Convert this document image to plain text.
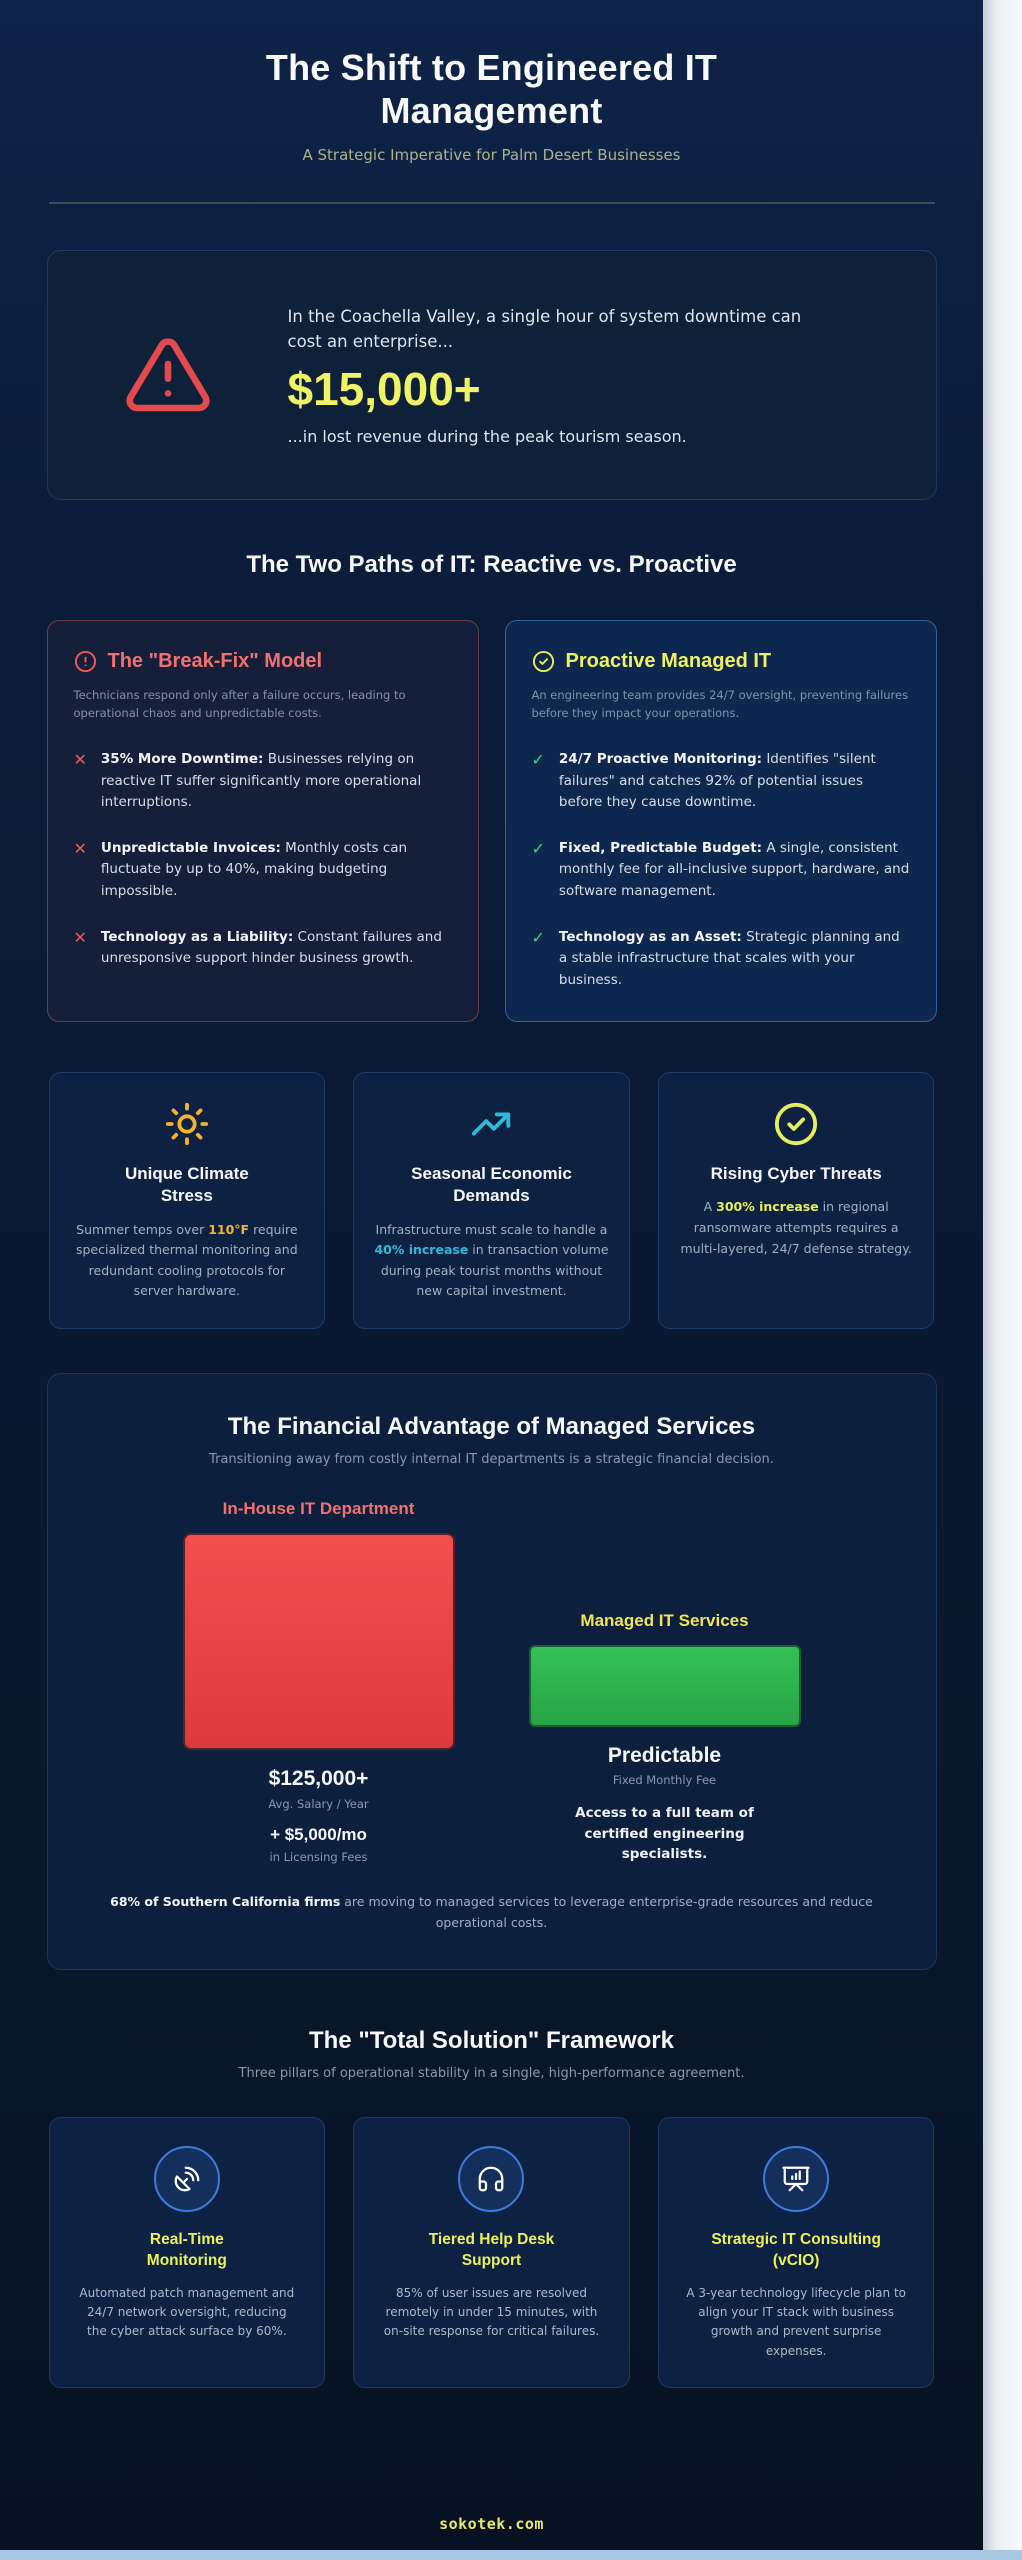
The Shift to Engineered IT Management
A Strategic Imperative for Palm Desert Businesses
In the Coachella Valley, a single hour of system downtime can cost an enterprise...
$15,000+
...in lost revenue during the peak tourism season.
The Two Paths of IT: Reactive vs. Proactive
The "Break-Fix" Model
Technicians respond only after a failure occurs, leading to operational chaos and unpredictable costs.
✕ 35% More Downtime: Businesses relying on reactive IT suffer significantly more operational interruptions.

✕ Unpredictable Invoices: Monthly costs can fluctuate by up to 40%, making budgeting impossible.

✕ Technology as a Liability: Constant failures and unresponsive support hinder business growth.

Proactive Managed IT
An engineering team provides 24/7 oversight, preventing failures before they impact your operations.
✓ 24/7 Proactive Monitoring: Identifies "silent failures" and catches 92% of potential issues before they cause downtime.

✓ Fixed, Predictable Budget: A single, consistent monthly fee for all-inclusive support, hardware, and software management.

✓ Technology as an Asset: Strategic planning and a stable infrastructure that scales with your business.

Unique Climate Stress
Summer temps over 110°F require specialized thermal monitoring and redundant cooling protocols for server hardware.
Seasonal Economic Demands
Infrastructure must scale to handle a 40% increase in transaction volume during peak tourist months without new capital investment.
Rising Cyber Threats
A 300% increase in regional ransomware attempts requires a multi-layered, 24/7 defense strategy.
The Financial Advantage of Managed Services
Transitioning away from costly internal IT departments is a strategic financial decision.
In-House IT Department
$125,000+
Avg. Salary / Year
+ $5,000/mo
in Licensing Fees
Managed IT Services
Predictable
Fixed Monthly Fee
Access to a full team of certified engineering specialists.
68% of Southern California firms are moving to managed services to leverage enterprise-grade resources and reduce operational costs.
The "Total Solution" Framework
Three pillars of operational stability in a single, high-performance agreement.
Real-Time Monitoring
Automated patch management and 24/7 network oversight, reducing the cyber attack surface by 60%.
Tiered Help Desk Support
85% of user issues are resolved remotely in under 15 minutes, with on-site response for critical failures.
Strategic IT Consulting (vCIO)
A 3-year technology lifecycle plan to align your IT stack with business growth and prevent surprise expenses.
sokotek.com
